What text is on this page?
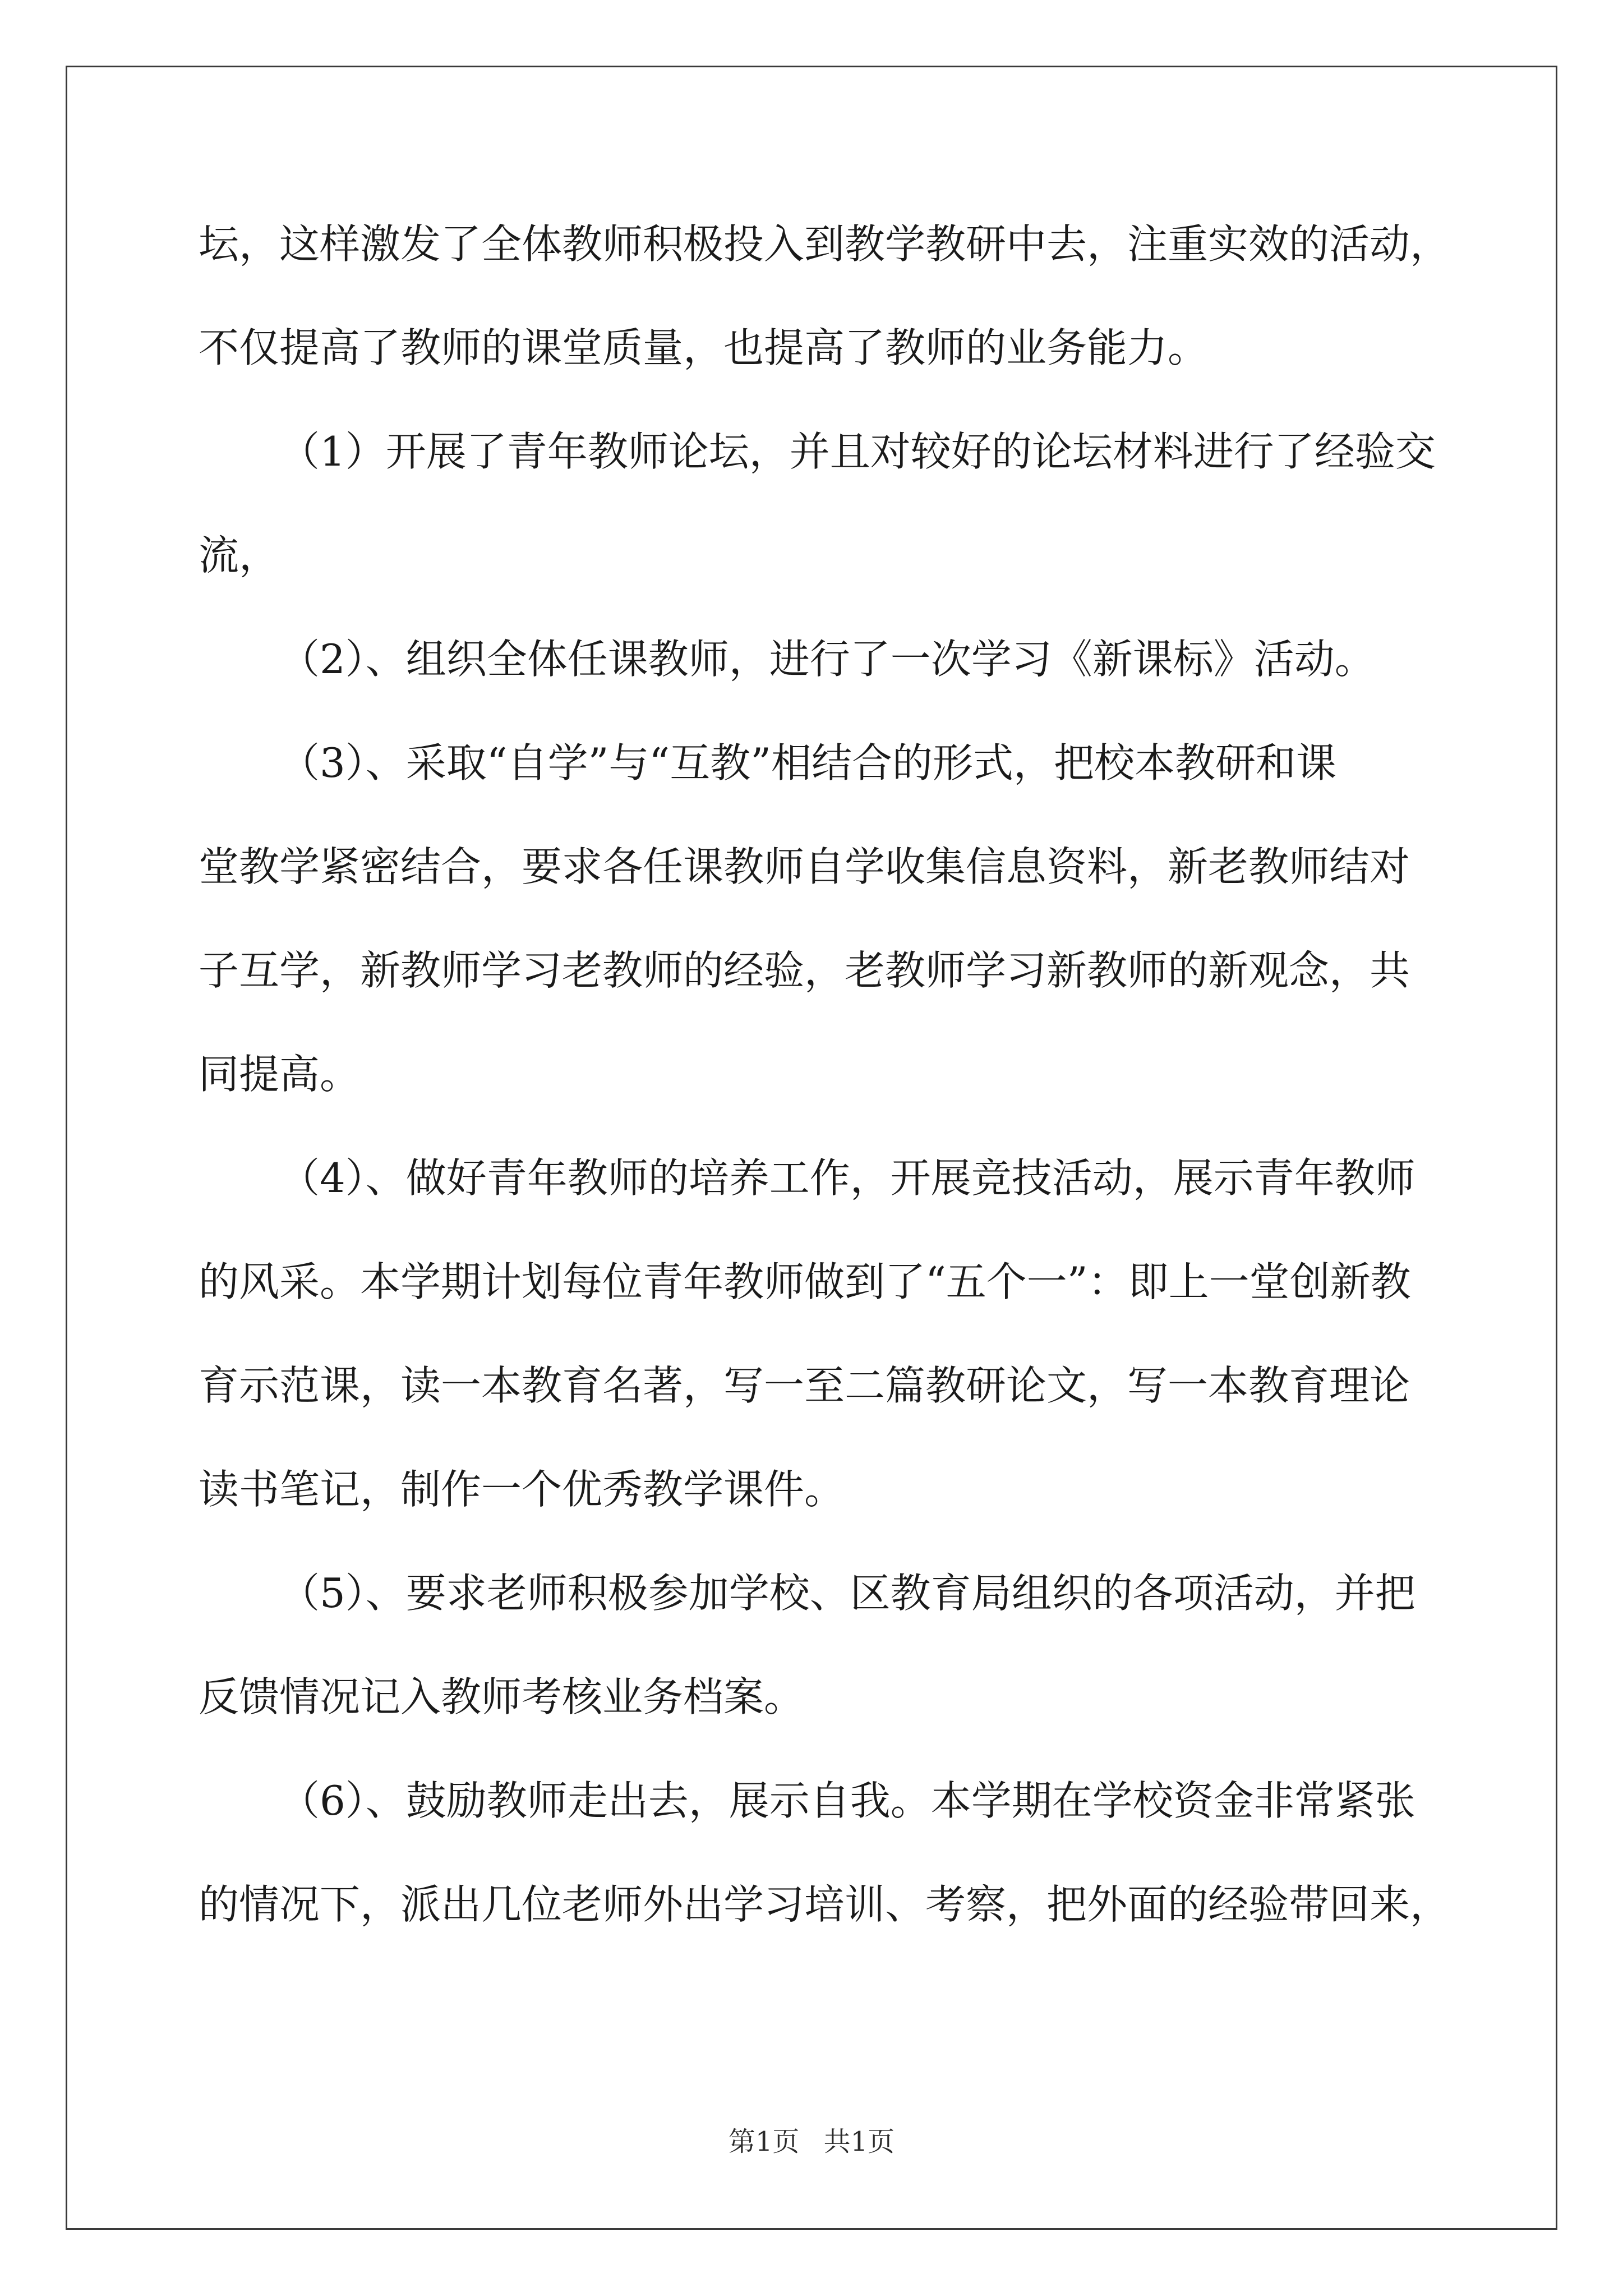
坛，这样激发了全体教师积极投入到教学教研中去，注重实效的活动，
不仅提高了教师的课堂质量，也提高了教师的业务能力。
（1）开展了青年教师论坛，并且对较好的论坛材料进行了经验交
流，
（2）、组织全体任课教师，进行了一次学习《新课标》活动。
（3）、采取“自学”与“互教”相结合的形式，把校本教研和课
堂教学紧密结合，要求各任课教师自学收集信息资料，新老教师结对
子互学，新教师学习老教师的经验，老教师学习新教师的新观念，共
同提高。
（4）、做好青年教师的培养工作，开展竞技活动，展示青年教师
的风采。本学期计划每位青年教师做到了“五个一”：即上一堂创新教
育示范课，读一本教育名著，写一至二篇教研论文，写一本教育理论
读书笔记，制作一个优秀教学课件。
（5）、要求老师积极参加学校、区教育局组织的各项活动，并把
反馈情况记入教师考核业务档案。
（6）、鼓励教师走出去，展示自我。本学期在学校资金非常紧张
的情况下，派出几位老师外出学习培训、考察，把外面的经验带回来，
第1页 共1页
